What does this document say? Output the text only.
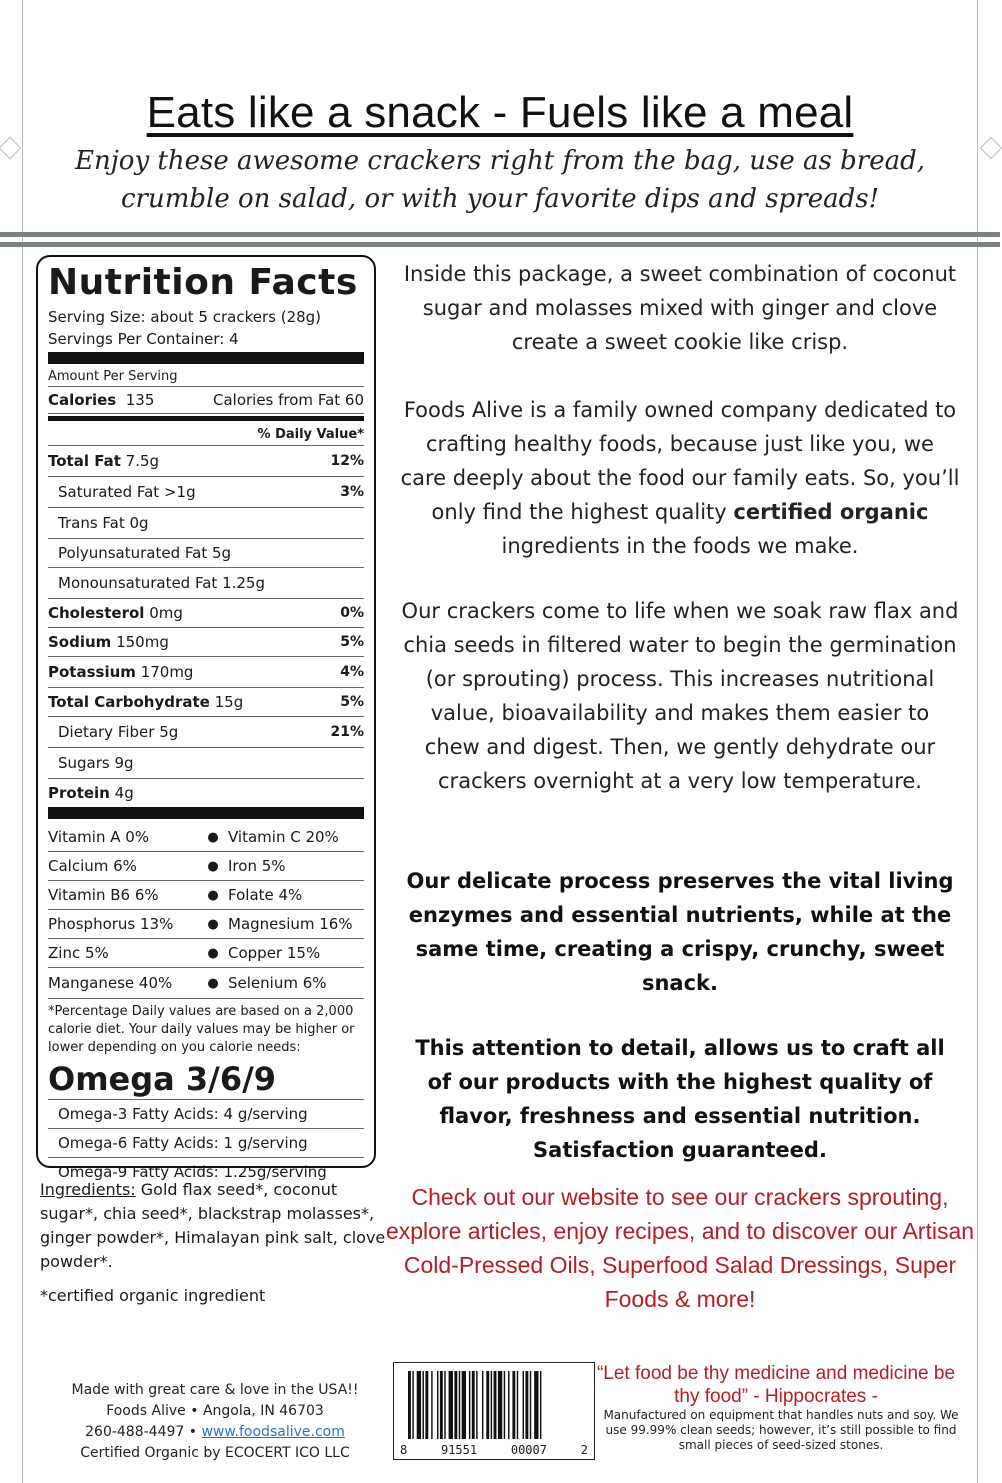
Eats like a snack - Fuels like a meal
Enjoy these awesome crackers right from the bag, use as bread, crumble on salad, or with your favorite dips and spreads!
Nutrition Facts
Serving Size: about 5 crackers (28g)
Servings Per Container: 4
Amount Per Serving
Calories 135	Calories from Fat 60
% Daily Value*
Total Fat 7.5g	12%
Saturated Fat >1g	3%
Trans Fat 0g
Polyunsaturated Fat 5g
Monounsaturated Fat 1.25g
Cholesterol 0mg	0%
Sodium 150mg	5%
Potassium 170mg	4%
Total Carbohydrate 15g	5%
Dietary Fiber 5g	21%
Sugars 9g
Protein 4g
Vitamin A 0%	● Vitamin C 20%
Calcium 6%	● Iron 5%
Vitamin B6 6%	● Folate 4%
Phosphorus 13%	● Magnesium 16%
Zinc 5%	● Copper 15%
Manganese 40%	● Selenium 6%
*Percentage Daily values are based on a 2,000 calorie diet. Your daily values may be higher or lower depending on you calorie needs:
Omega 3/6/9
Omega-3 Fatty Acids: 4 g/serving
Omega-6 Fatty Acids: 1 g/serving
Omega-9 Fatty Acids: 1.25g/serving
Ingredients: Gold flax seed*, coconut sugar*, chia seed*, blackstrap molasses*, ginger powder*, Himalayan pink salt, clove powder*.
*certified organic ingredient
Inside this package, a sweet combination of coconut sugar and molasses mixed with ginger and clove create a sweet cookie like crisp.
Foods Alive is a family owned company dedicated to crafting healthy foods, because just like you, we care deeply about the food our family eats. So, you’ll only find the highest quality certified organic ingredients in the foods we make.
Our crackers come to life when we soak raw flax and chia seeds in filtered water to begin the germination (or sprouting) process. This increases nutritional value, bioavailability and makes them easier to chew and digest. Then, we gently dehydrate our crackers overnight at a very low temperature.
Our delicate process preserves the vital living enzymes and essential nutrients, while at the same time, creating a crispy, crunchy, sweet snack.
This attention to detail, allows us to craft all of our products with the highest quality of flavor, freshness and essential nutrition. Satisfaction guaranteed.
Check out our website to see our crackers sprouting, explore articles, enjoy recipes, and to discover our Artisan Cold-Pressed Oils, Superfood Salad Dressings, Super Foods & more!
Made with great care & love in the USA!!
Foods Alive • Angola, IN 46703
260-488-4497 • www.foodsalive.com
Certified Organic by ECOCERT ICO LLC	8	91551	00007	2
“Let food be thy medicine and medicine be thy food” - Hippocrates -
Manufactured on equipment that handles nuts and soy. We use 99.99% clean seeds; however, it’s still possible to find small pieces of seed-sized stones.
